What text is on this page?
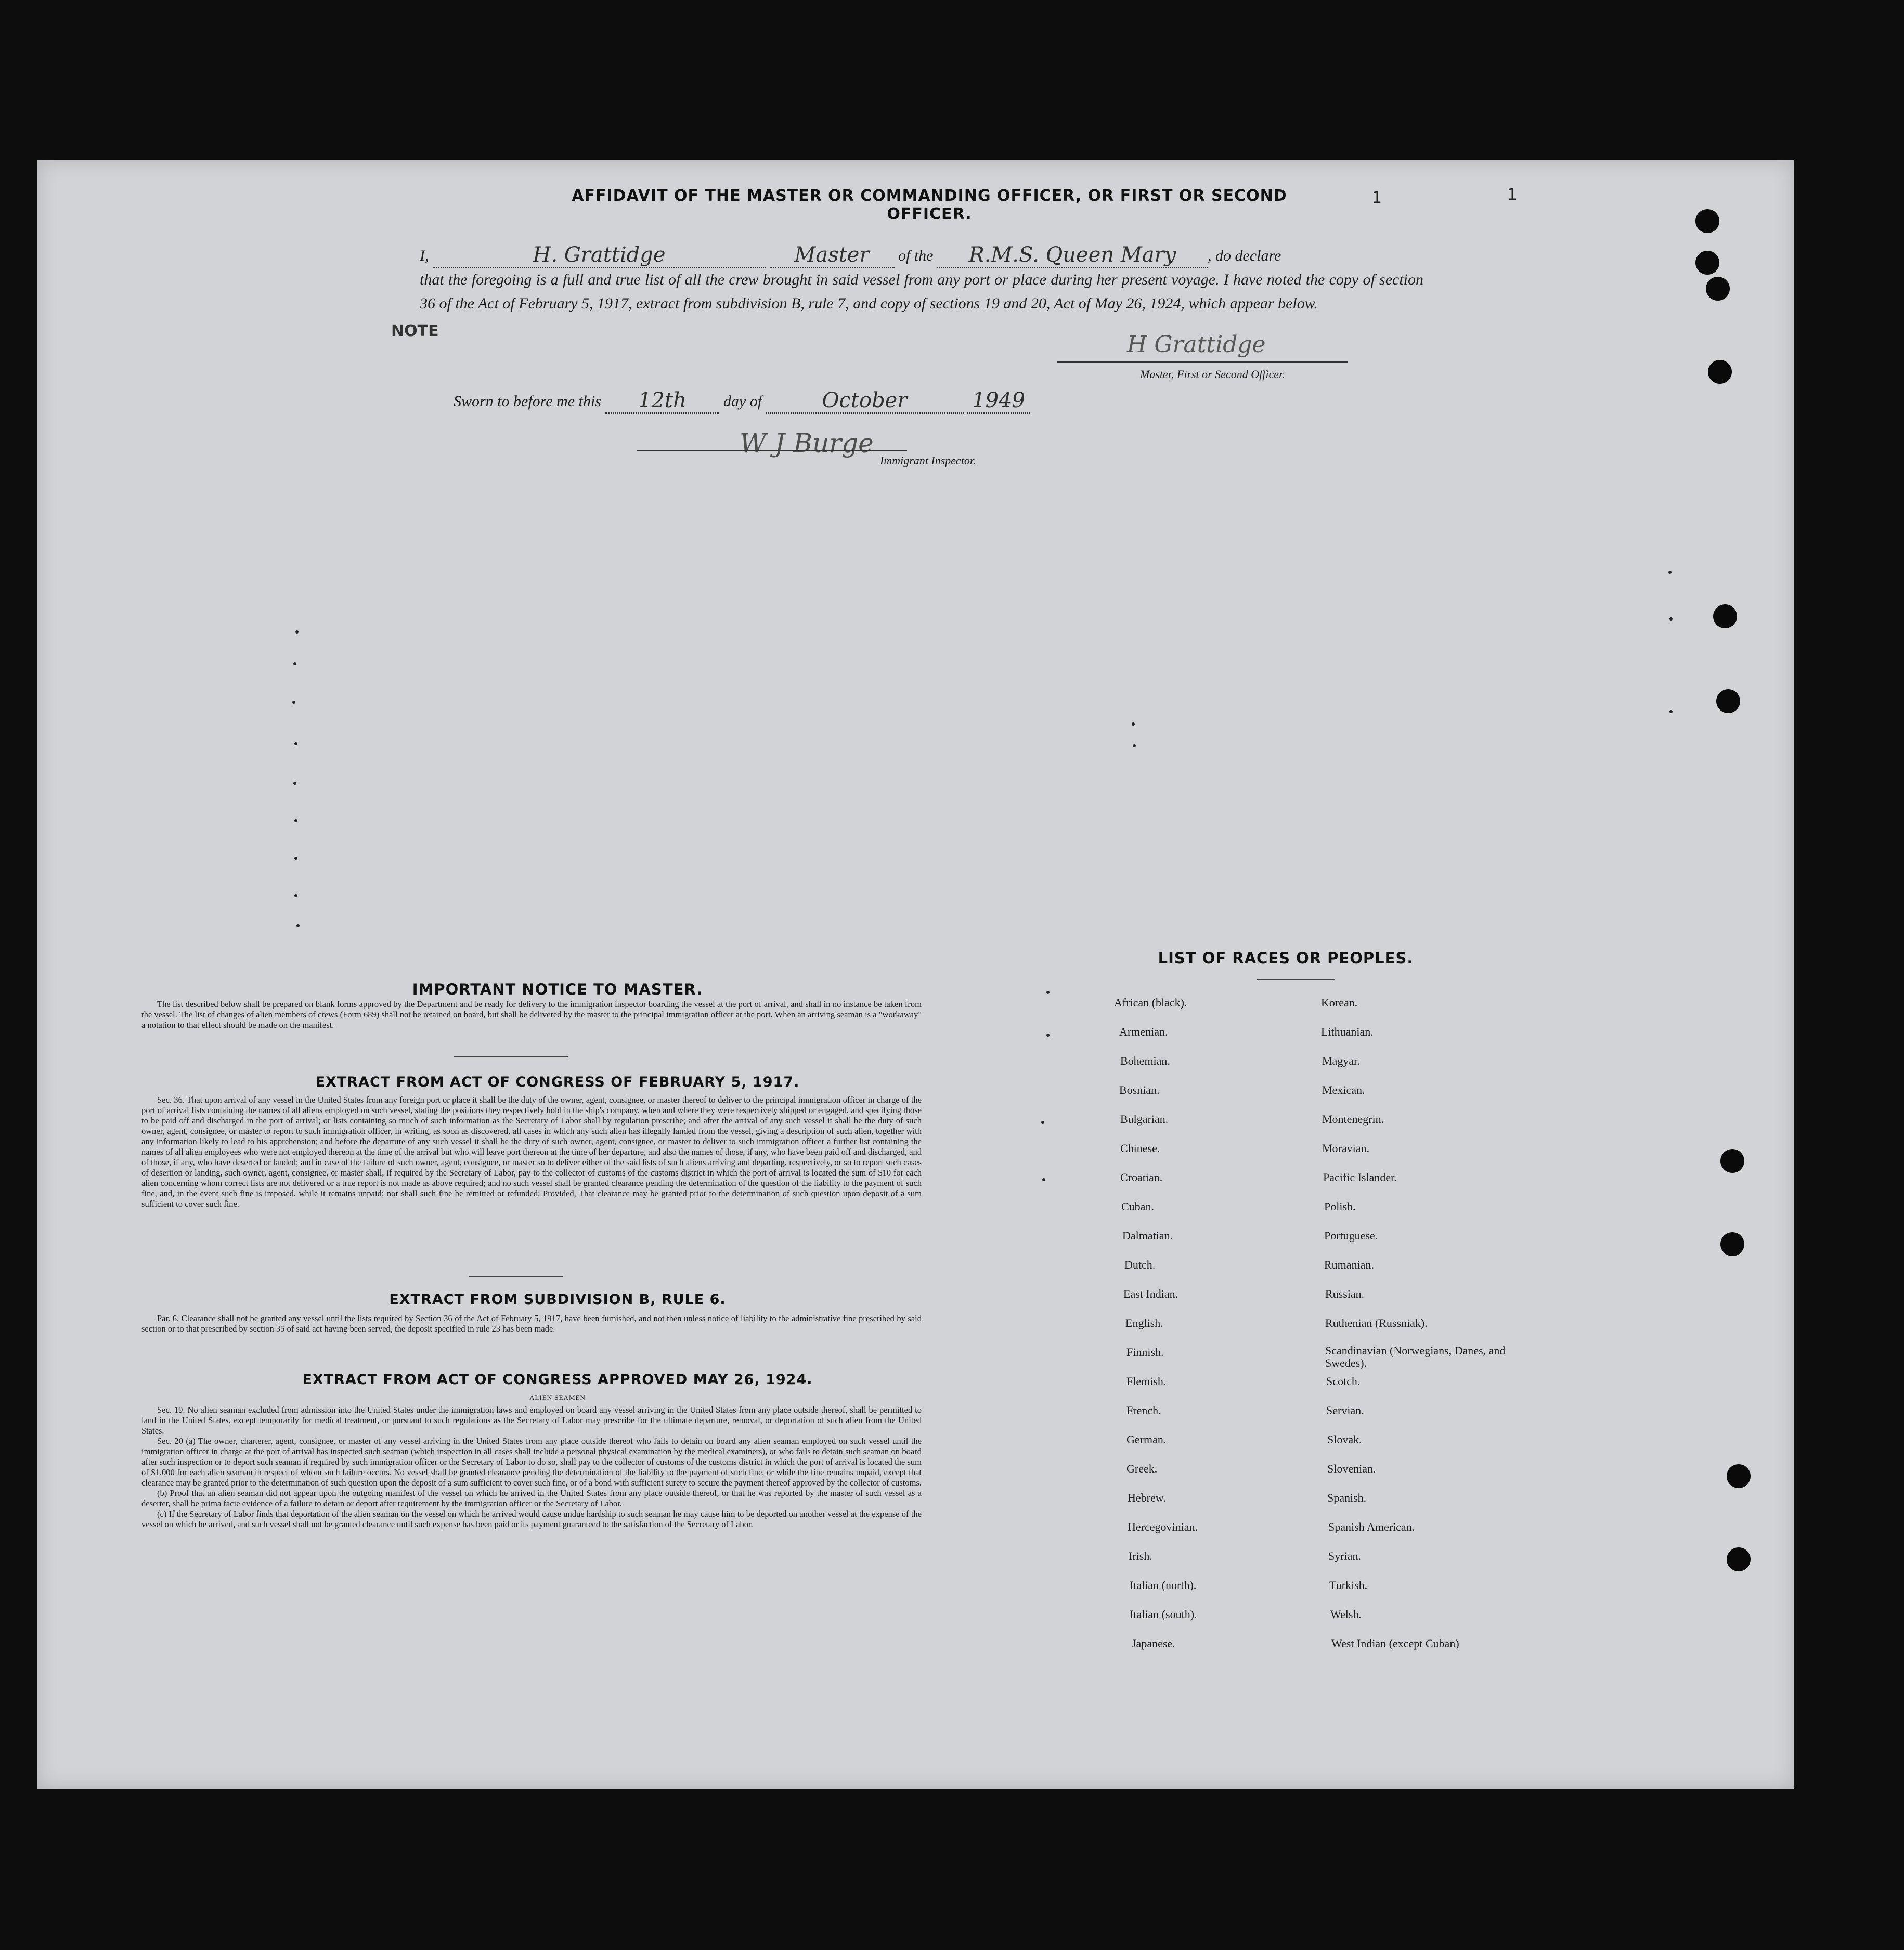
AFFIDAVIT OF THE MASTER OR COMMANDING OFFICER, OR FIRST OR SECOND OFFICER.
1	1

I,	H. Grattidge	Master of the R.M.S. Queen Mary , do declare

that the foregoing is a full and true list of all the crew brought in said vessel from any port or place during her present voyage. I have noted the copy of section 36 of the Act of February 5, 1917, extract from subdivision B, rule 7, and copy of sections 19 and 20, Act of May 26, 1924, which appear below.

NOTE
H Grattidge
Master, First or Second Officer.
Sworn to before me this 12th day of	October	1949
W J Burge
Immigrant Inspector.
IMPORTANT NOTICE TO MASTER.

The list described below shall be prepared on blank forms approved by the Department and be ready for delivery to the immigration inspector boarding the vessel at the port of arrival, and shall in no instance be taken from the vessel. The list of changes of alien members of crews (Form 689) shall not be retained on board, but shall be delivered by the master to the principal immigration officer at the port. When an arriving seaman is a "workaway" a notation to that effect should be made on the manifest.

EXTRACT FROM ACT OF CONGRESS OF FEBRUARY 5, 1917.

Sec. 36. That upon arrival of any vessel in the United States from any foreign port or place it shall be the duty of the owner, agent, consignee, or master thereof to deliver to the principal immigration officer in charge of the port of arrival lists containing the names of all aliens employed on such vessel, stating the positions they respectively hold in the ship's company, when and where they were respectively shipped or engaged, and specifying those to be paid off and discharged in the port of arrival; or lists containing so much of such information as the Secretary of Labor shall by regulation prescribe; and after the arrival of any such vessel it shall be the duty of such owner, agent, consignee, or master to report to such immigration officer, in writing, as soon as discovered, all cases in which any such alien has illegally landed from the vessel, giving a description of such alien, together with any information likely to lead to his apprehension; and before the departure of any such vessel it shall be the duty of such owner, agent, consignee, or master to deliver to such immigration officer a further list containing the names of all alien employees who were not employed thereon at the time of the arrival but who will leave port thereon at the time of her departure, and also the names of those, if any, who have been paid off and discharged, and of those, if any, who have deserted or landed; and in case of the failure of such owner, agent, consignee, or master so to deliver either of the said lists of such aliens arriving and departing, respectively, or so to report such cases of desertion or landing, such owner, agent, consignee, or master shall, if required by the Secretary of Labor, pay to the collector of customs of the customs district in which the port of arrival is located the sum of $10 for each alien concerning whom correct lists are not delivered or a true report is not made as above required; and no such vessel shall be granted clearance pending the determination of the question of the liability to the payment of such fine, and, in the event such fine is imposed, while it remains unpaid; nor shall such fine be remitted or refunded: Provided, That clearance may be granted prior to the determination of such question upon deposit of a sum sufficient to cover such fine.

EXTRACT FROM SUBDIVISION B, RULE 6.

Par. 6. Clearance shall not be granted any vessel until the lists required by Section 36 of the Act of February 5, 1917, have been furnished, and not then unless notice of liability to the administrative fine prescribed by said section or to that prescribed by section 35 of said act having been served, the deposit specified in rule 23 has been made.

EXTRACT FROM ACT OF CONGRESS APPROVED MAY 26, 1924.
ALIEN SEAMEN

Sec. 19. No alien seaman excluded from admission into the United States under the immigration laws and employed on board any vessel arriving in the United States from any place outside thereof, shall be permitted to land in the United States, except temporarily for medical treatment, or pursuant to such regulations as the Secretary of Labor may prescribe for the ultimate departure, removal, or deportation of such alien from the United States.

Sec. 20 (a) The owner, charterer, agent, consignee, or master of any vessel arriving in the United States from any place outside thereof who fails to detain on board any alien seaman employed on such vessel until the immigration officer in charge at the port of arrival has inspected such seaman (which inspection in all cases shall include a personal physical examination by the medical examiners), or who fails to detain such seaman on board after such inspection or to deport such seaman if required by such immigration officer or the Secretary of Labor to do so, shall pay to the collector of customs of the customs district in which the port of arrival is located the sum of $1,000 for each alien seaman in respect of whom such failure occurs. No vessel shall be granted clearance pending the determination of the liability to the payment of such fine, or while the fine remains unpaid, except that clearance may be granted prior to the determination of such question upon the deposit of a sum sufficient to cover such fine, or of a bond with sufficient surety to secure the payment thereof approved by the collector of customs.

(b) Proof that an alien seaman did not appear upon the outgoing manifest of the vessel on which he arrived in the United States from any place outside thereof, or that he was reported by the master of such vessel as a deserter, shall be prima facie evidence of a failure to detain or deport after requirement by the immigration officer or the Secretary of Labor.

(c) If the Secretary of Labor finds that deportation of the alien seaman on the vessel on which he arrived would cause undue hardship to such seaman he may cause him to be deported on another vessel at the expense of the vessel on which he arrived, and such vessel shall not be granted clearance until such expense has been paid or its payment guaranteed to the satisfaction of the Secretary of Labor.

LIST OF RACES OR PEOPLES.
African (black).
Armenian.
Bohemian.
Bosnian.
Bulgarian.
Chinese.
Croatian.
Cuban.
Dalmatian.
Dutch.
East Indian.
English.
Finnish.
Flemish.
French.
German.
Greek.
Hebrew.
Hercegovinian.
Irish.
Italian (north).
Italian (south).
Japanese.
Korean.
Lithuanian.
Magyar.
Mexican.
Montenegrin.
Moravian.
Pacific Islander.
Polish.
Portuguese.
Rumanian.
Russian.
Ruthenian (Russniak).
Scandinavian (Norwegians, Danes, and Swedes).
Scotch.
Servian.
Slovak.
Slovenian.
Spanish.
Spanish American.
Syrian.
Turkish.
Welsh.
West Indian (except Cuban)
